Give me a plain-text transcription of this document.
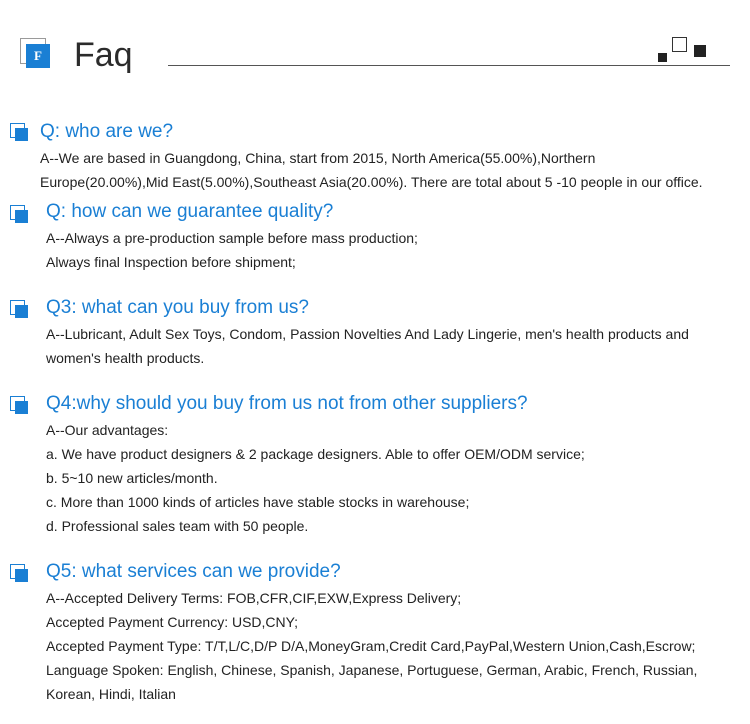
F Faq
Q: who are we?
A--We are based in Guangdong, China, start from 2015, North America(55.00%),Northern
Europe(20.00%),Mid East(5.00%),Southeast Asia(20.00%). There are total about 5 -10 people in our office.
Q: how can we guarantee quality?
A--Always a pre-production sample before mass production;
Always final Inspection before shipment;
Q3: what can you buy from us?
A--Lubricant, Adult Sex Toys, Condom, Passion Novelties And Lady Lingerie, men's health products and
women's health products.
Q4:why should you buy from us not from other suppliers?
A--Our advantages:
a. We have product designers & 2 package designers. Able to offer OEM/ODM service;
b. 5~10 new articles/month.
c. More than 1000 kinds of articles have stable stocks in warehouse;
d. Professional sales team with 50 people.
Q5: what services can we provide?
A--Accepted Delivery Terms: FOB,CFR,CIF,EXW,Express Delivery;
Accepted Payment Currency: USD,CNY;
Accepted Payment Type: T/T,L/C,D/P D/A,MoneyGram,Credit Card,PayPal,Western Union,Cash,Escrow;
Language Spoken: English, Chinese, Spanish, Japanese, Portuguese, German, Arabic, French, Russian,
Korean, Hindi, Italian
